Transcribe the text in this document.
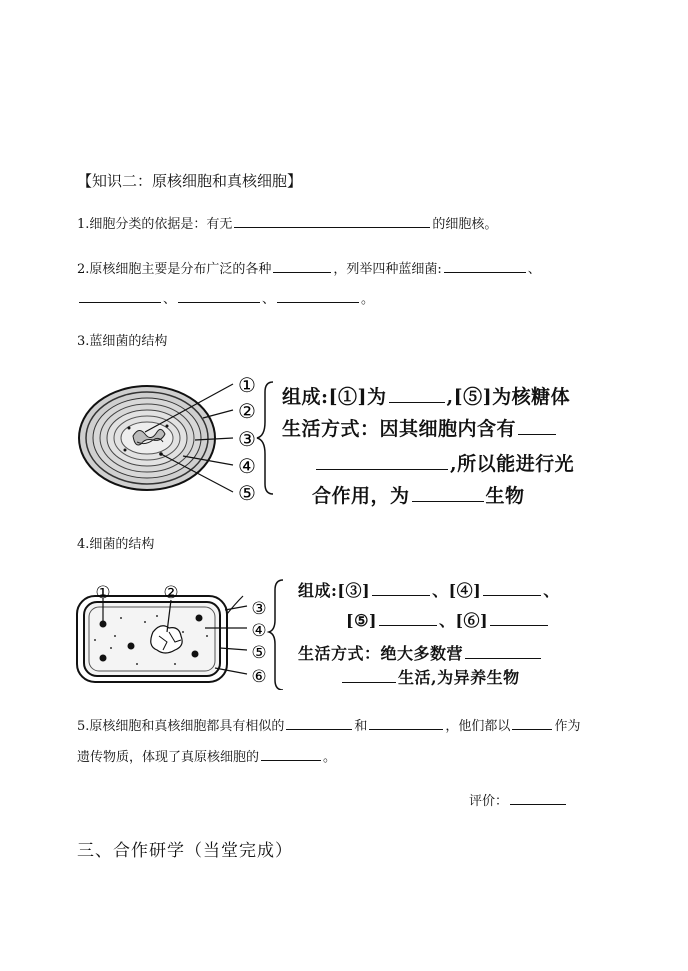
【知识二：原核细胞和真核细胞】
1.细胞分类的依据是：有无	的细胞核。
2.原核细胞主要是分布广泛的各种	，列举四种蓝细菌:	、
、	、	。
3.蓝细菌的结构
①
②
③
④
⑤
组成:[①]为	,[⑤]为核糖体
生活方式：因其细胞内含有
,所以能进行光
合作用，为	生物
4.细菌的结构
①	②
③
④
⑤
⑥
组成:[③]	、[④]	、
[⑤]	、[⑥]
生活方式：绝大多数营
生活,为异养生物
5.原核细胞和真核细胞都具有相似的	和	，他们都以	作为
遗传物质，体现了真原核细胞的	。
评价：
三、合作研学（当堂完成）
